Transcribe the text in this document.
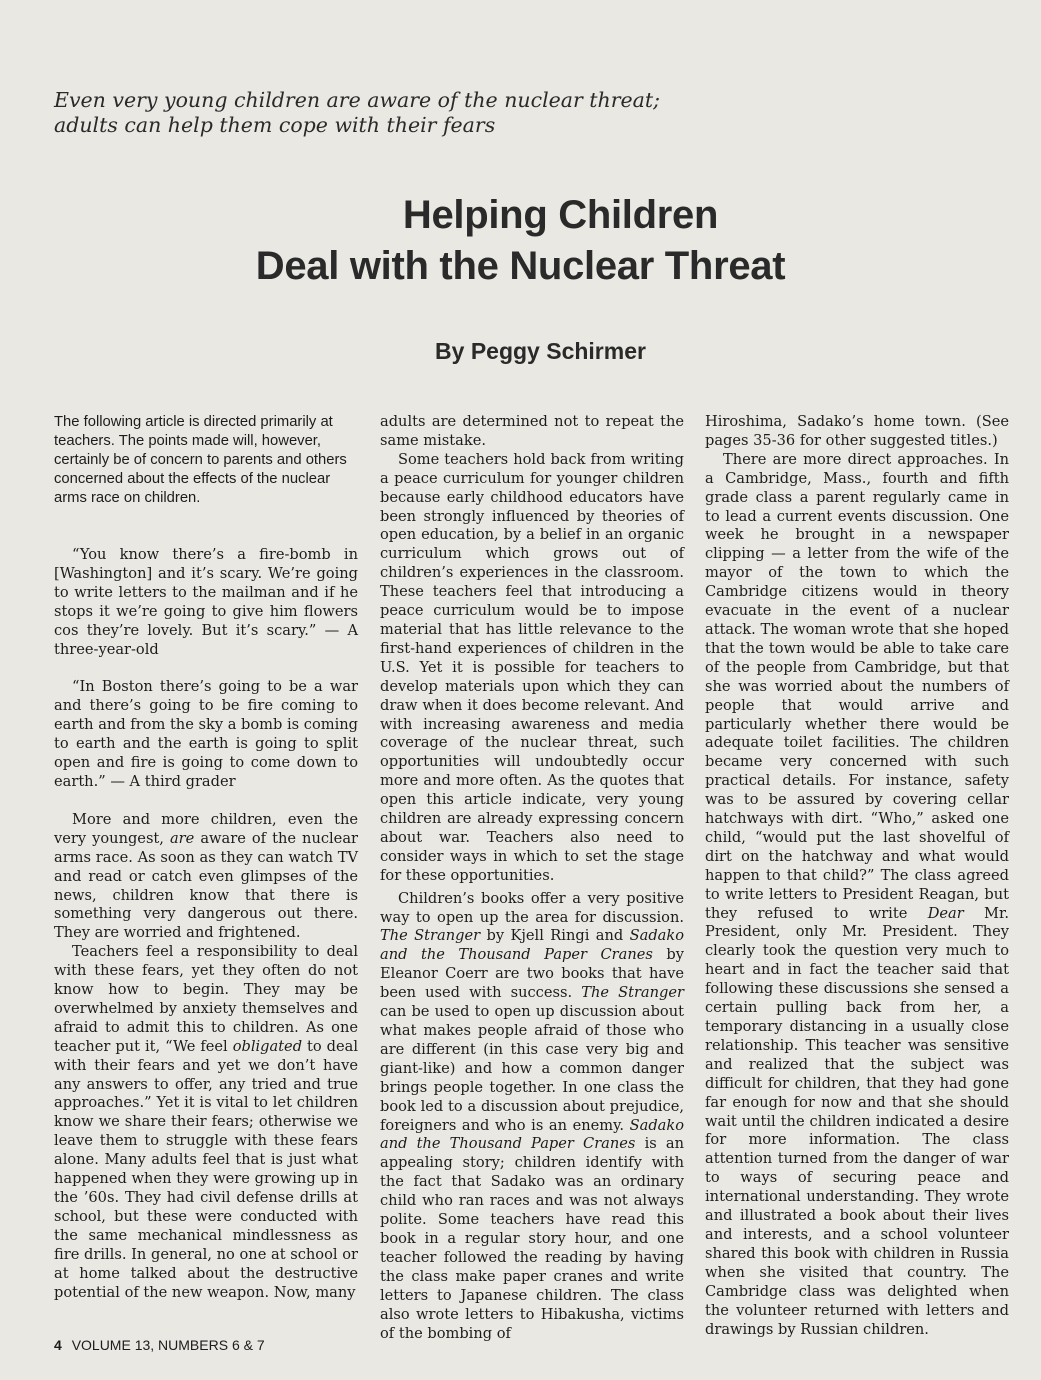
Even very young children are aware of the nuclear threat;

adults can help them cope with their fears

Helping Children
Deal with the Nuclear Threat
By Peggy Schirmer

The following article is directed primarily at teachers. The points made will, however, certainly be of concern to parents and others concerned about the effects of the nuclear arms race on children.

“You know there’s a fire-bomb in [Washington] and it’s scary. We’re going to write letters to the mailman and if he stops it we’re going to give him flowers cos they’re lovely. But it’s scary.” — A three-year-old

“In Boston there’s going to be a war and there’s going to be fire coming to earth and from the sky a bomb is coming to earth and the earth is going to split open and fire is going to come down to earth.” — A third grader

More and more children, even the very youngest, are aware of the nuclear arms race. As soon as they can watch TV and read or catch even glimpses of the news, children know that there is something very dangerous out there. They are worried and frightened.

Teachers feel a responsibility to deal with these fears, yet they often do not know how to begin. They may be overwhelmed by anxiety themselves and afraid to admit this to children. As one teacher put it, “We feel obligated to deal with their fears and yet we don’t have any answers to offer, any tried and true approaches.” Yet it is vital to let children know we share their fears; otherwise we leave them to struggle with these fears alone. Many adults feel that is just what happened when they were growing up in the ’60s. They had civil defense drills at school, but these were conducted with the same mechanical mindlessness as fire drills. In general, no one at school or at home talked about the destructive potential of the new weapon. Now, many

adults are determined not to repeat the same mistake.

Some teachers hold back from writing a peace curriculum for younger children because early childhood educators have been strongly influenced by theories of open education, by a belief in an organic curriculum which grows out of children’s experiences in the classroom. These teachers feel that introducing a peace curriculum would be to impose material that has little relevance to the first-hand experiences of children in the U.S. Yet it is possible for teachers to develop materials upon which they can draw when it does become relevant. And with increasing awareness and media coverage of the nuclear threat, such opportunities will undoubtedly occur more and more often. As the quotes that open this article indicate, very young children are already expressing concern about war. Teachers also need to consider ways in which to set the stage for these opportunities.

Children’s books offer a very positive way to open up the area for discussion. The Stranger by Kjell Ringi and Sadako and the Thousand Paper Cranes by Eleanor Coerr are two books that have been used with success. The Stranger can be used to open up discussion about what makes people afraid of those who are different (in this case very big and giant-like) and how a common danger brings people together. In one class the book led to a discussion about prejudice, foreigners and who is an enemy. Sadako and the Thousand Paper Cranes is an appealing story; children identify with the fact that Sadako was an ordinary child who ran races and was not always polite. Some teachers have read this book in a regular story hour, and one teacher followed the reading by having the class make paper cranes and write letters to Japanese children. The class also wrote letters to Hibakusha, victims of the bombing of

Hiroshima, Sadako’s home town. (See pages 35-36 for other suggested titles.)

There are more direct approaches. In a Cambridge, Mass., fourth and fifth grade class a parent regularly came in to lead a current events discussion. One week he brought in a newspaper clipping — a letter from the wife of the mayor of the town to which the Cambridge citizens would in theory evacuate in the event of a nuclear attack. The woman wrote that she hoped that the town would be able to take care of the people from Cambridge, but that she was worried about the numbers of people that would arrive and particularly whether there would be adequate toilet facilities. The children became very concerned with such practical details. For instance, safety was to be assured by covering cellar hatchways with dirt. “Who,” asked one child, “would put the last shovelful of dirt on the hatchway and what would happen to that child?” The class agreed to write letters to President Reagan, but they refused to write Dear Mr. President, only Mr. President. They clearly took the question very much to heart and in fact the teacher said that following these discussions she sensed a certain pulling back from her, a temporary distancing in a usually close relationship. This teacher was sensitive and realized that the subject was difficult for children, that they had gone far enough for now and that she should wait until the children indicated a desire for more information. The class attention turned from the danger of war to ways of securing peace and international understanding. They wrote and illustrated a book about their lives and interests, and a school volunteer shared this book with children in Russia when she visited that country. The Cambridge class was delighted when the volunteer returned with letters and drawings by Russian children.

4 VOLUME 13, NUMBERS 6 & 7
